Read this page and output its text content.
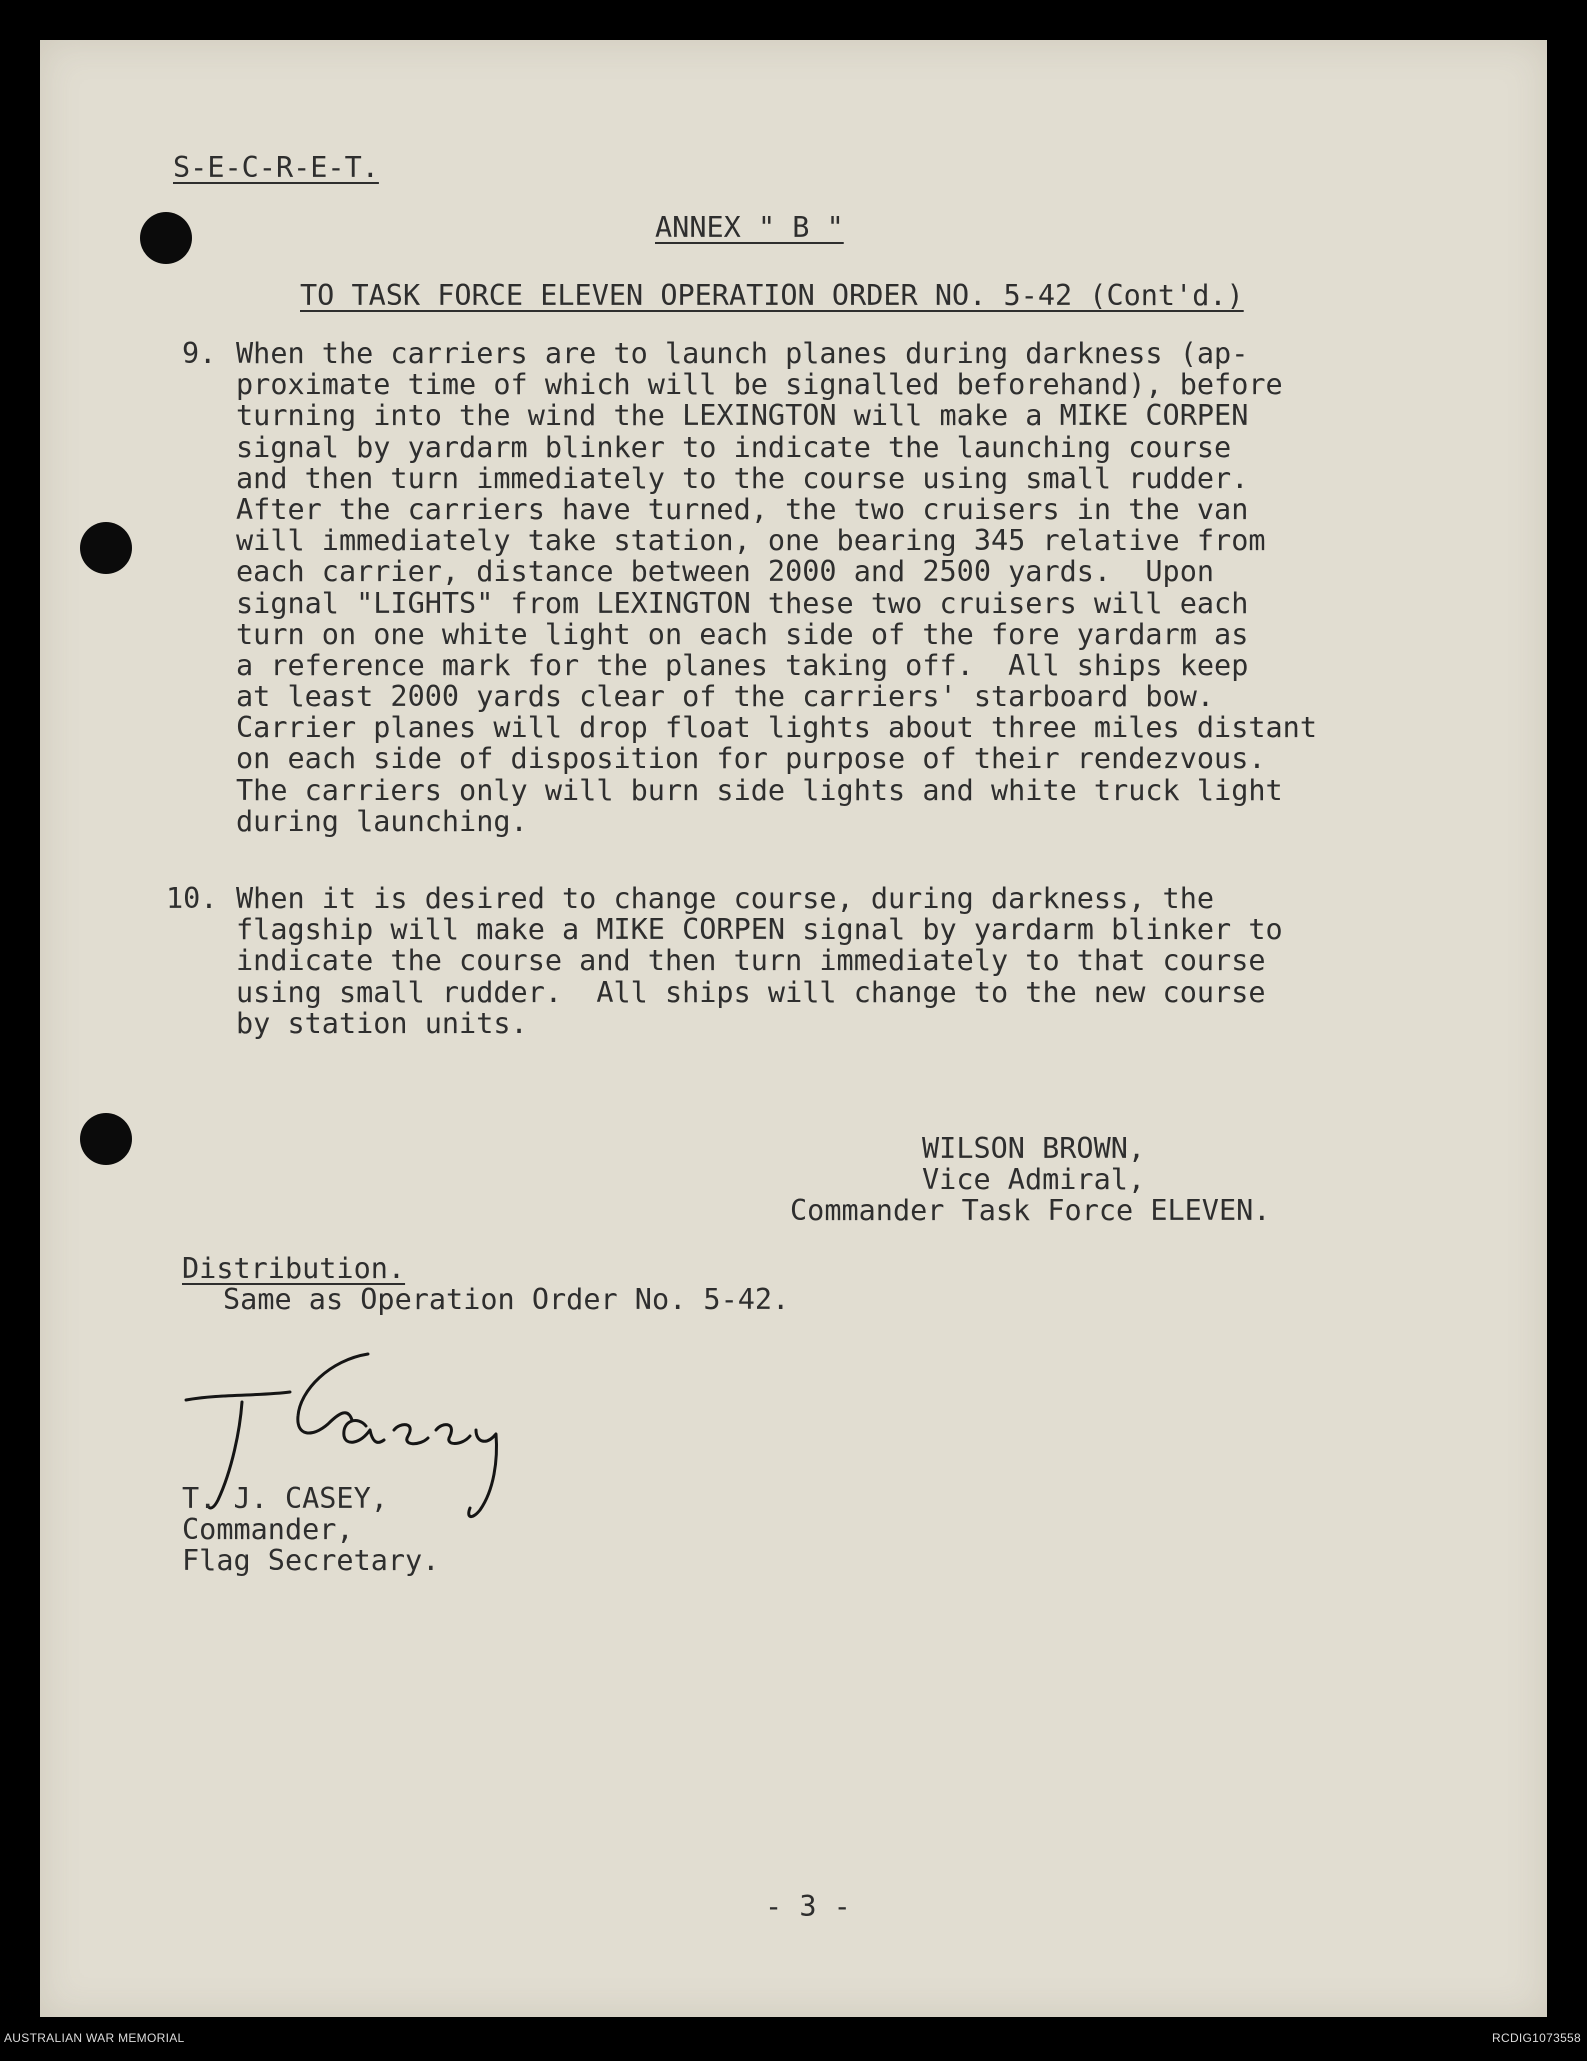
S-E-C-R-E-T.
ANNEX " B "
TO TASK FORCE ELEVEN OPERATION ORDER NO. 5-42 (Cont'd.)
9. When the carriers are to launch planes during darkness (ap-
proximate time of which will be signalled beforehand), before
turning into the wind the LEXINGTON will make a MIKE CORPEN
signal by yardarm blinker to indicate the launching course
and then turn immediately to the course using small rudder.
After the carriers have turned, the two cruisers in the van
will immediately take station, one bearing 345 relative from
each carrier, distance between 2000 and 2500 yards.  Upon
signal "LIGHTS" from LEXINGTON these two cruisers will each
turn on one white light on each side of the fore yardarm as
a reference mark for the planes taking off.  All ships keep
at least 2000 yards clear of the carriers' starboard bow.
Carrier planes will drop float lights about three miles distant
on each side of disposition for purpose of their rendezvous.
The carriers only will burn side lights and white truck light
during launching.
10. When it is desired to change course, during darkness, the
flagship will make a MIKE CORPEN signal by yardarm blinker to
indicate the course and then turn immediately to that course
using small rudder.  All ships will change to the new course
by station units.
WILSON BROWN,
Vice Admiral,
Commander Task Force ELEVEN.
Distribution.
Same as Operation Order No. 5-42.
T. J. CASEY,
Commander,
Flag Secretary.
- 3 -
AUSTRALIAN WAR MEMORIAL	RCDIG1073558
